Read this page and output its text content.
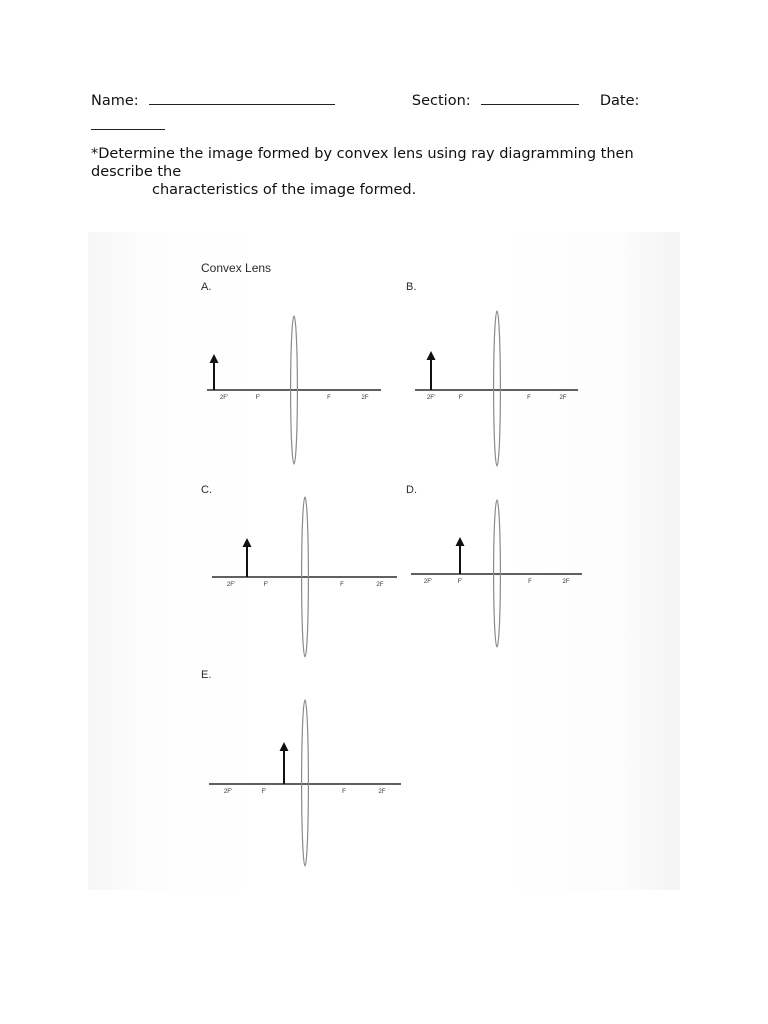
Name:	Section:	Date:
*Determine the image formed by convex lens using ray diagramming then
describe the
characteristics of the image formed.
Convex Lens
A.
2F'	F'	F	2F
B.
2F'	F'	F	2F
C.
2F'	F'	F	2F
D.
2F'	F'	F	2F
E.
2F'	F'	F	2F
